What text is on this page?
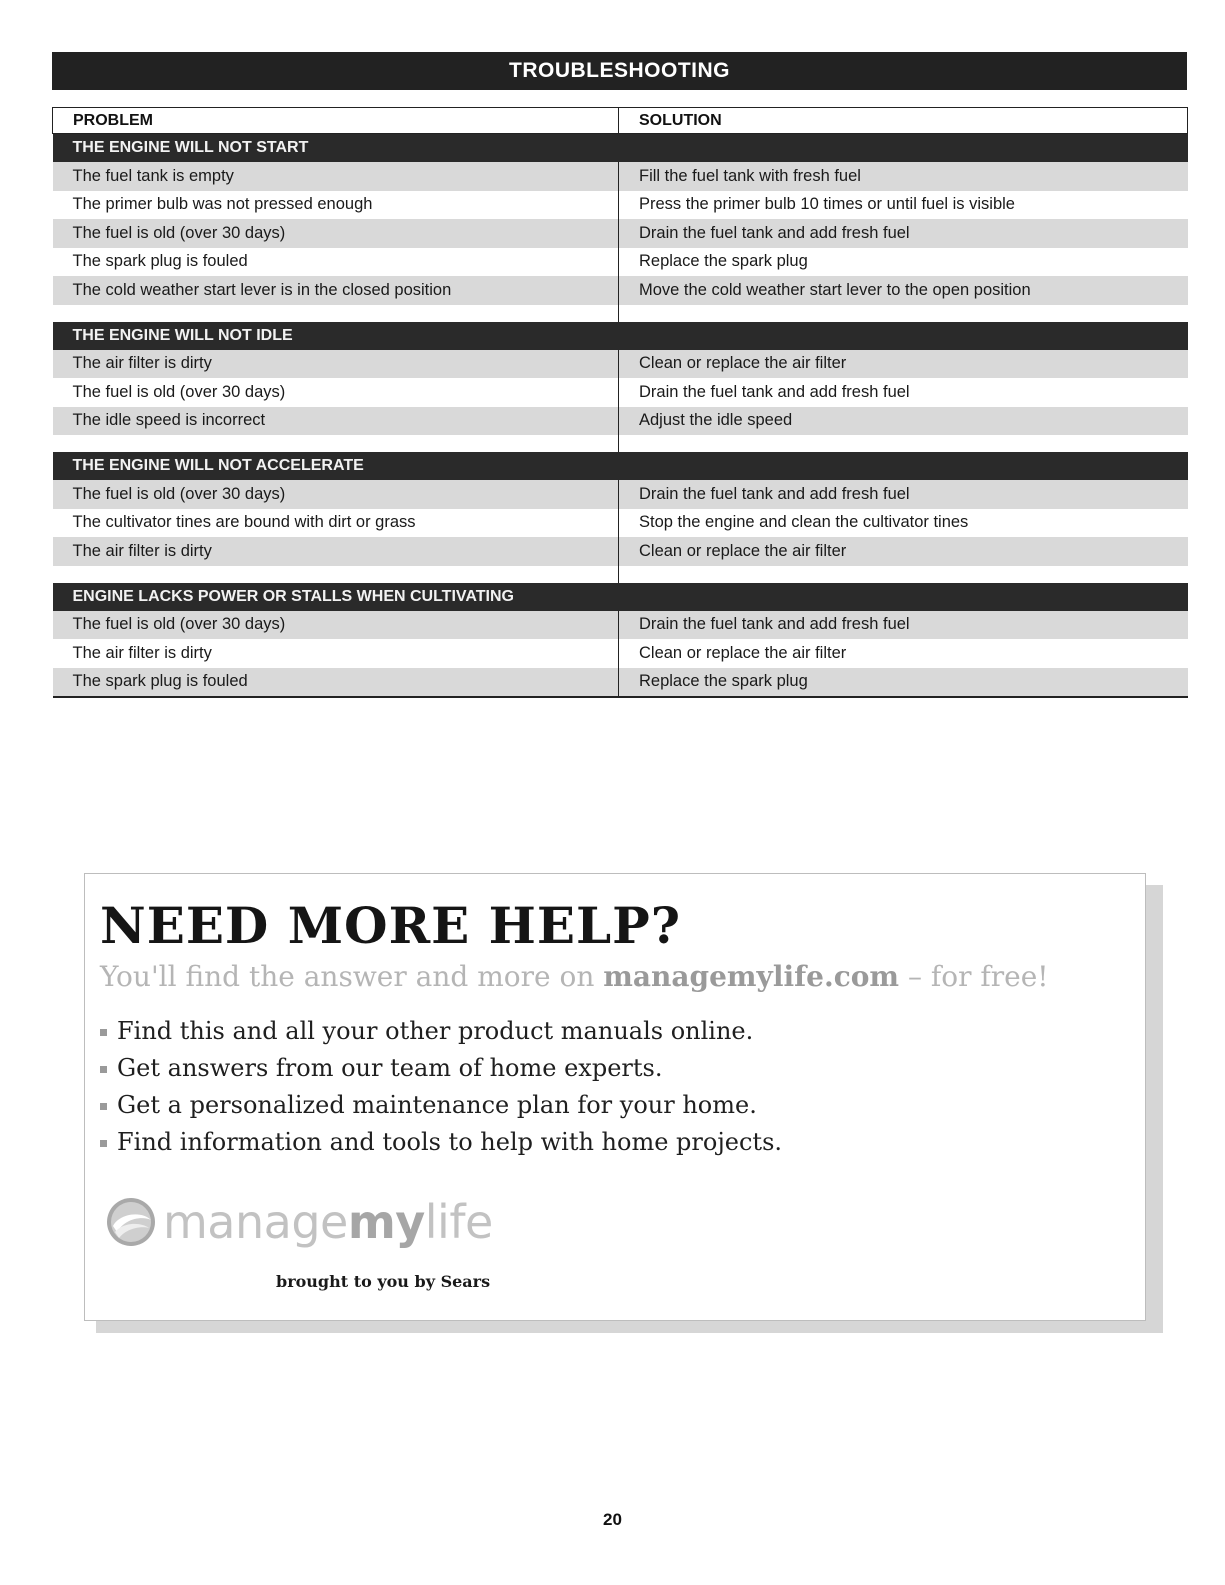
TROUBLESHOOTING
PROBLEM	SOLUTION
THE ENGINE WILL NOT START	
The fuel tank is empty	Fill the fuel tank with fresh fuel
The primer bulb was not pressed enough	Press the primer bulb 10 times or until fuel is visible
The fuel is old (over 30 days)	Drain the fuel tank and add fresh fuel
The spark plug is fouled	Replace the spark plug
The cold weather start lever is in the closed position	Move the cold weather start lever to the open position

THE ENGINE WILL NOT IDLE	
The air filter is dirty	Clean or replace the air filter
The fuel is old (over 30 days)	Drain the fuel tank and add fresh fuel
The idle speed is incorrect	Adjust the idle speed

THE ENGINE WILL NOT ACCELERATE	
The fuel is old (over 30 days)	Drain the fuel tank and add fresh fuel
The cultivator tines are bound with dirt or grass	Stop the engine and clean the cultivator tines
The air filter is dirty	Clean or replace the air filter

ENGINE LACKS POWER OR STALLS WHEN CULTIVATING	
The fuel is old (over 30 days)	Drain the fuel tank and add fresh fuel
The air filter is dirty	Clean or replace the air filter
The spark plug is fouled	Replace the spark plug
NEED MORE HELP?
You'll find the answer and more on managemylife.com – for free!
Find this and all your other product manuals online.
Get answers from our team of home experts.
Get a personalized maintenance plan for your home.
Find information and tools to help with home projects.
managemylife
brought to you by Sears
20
